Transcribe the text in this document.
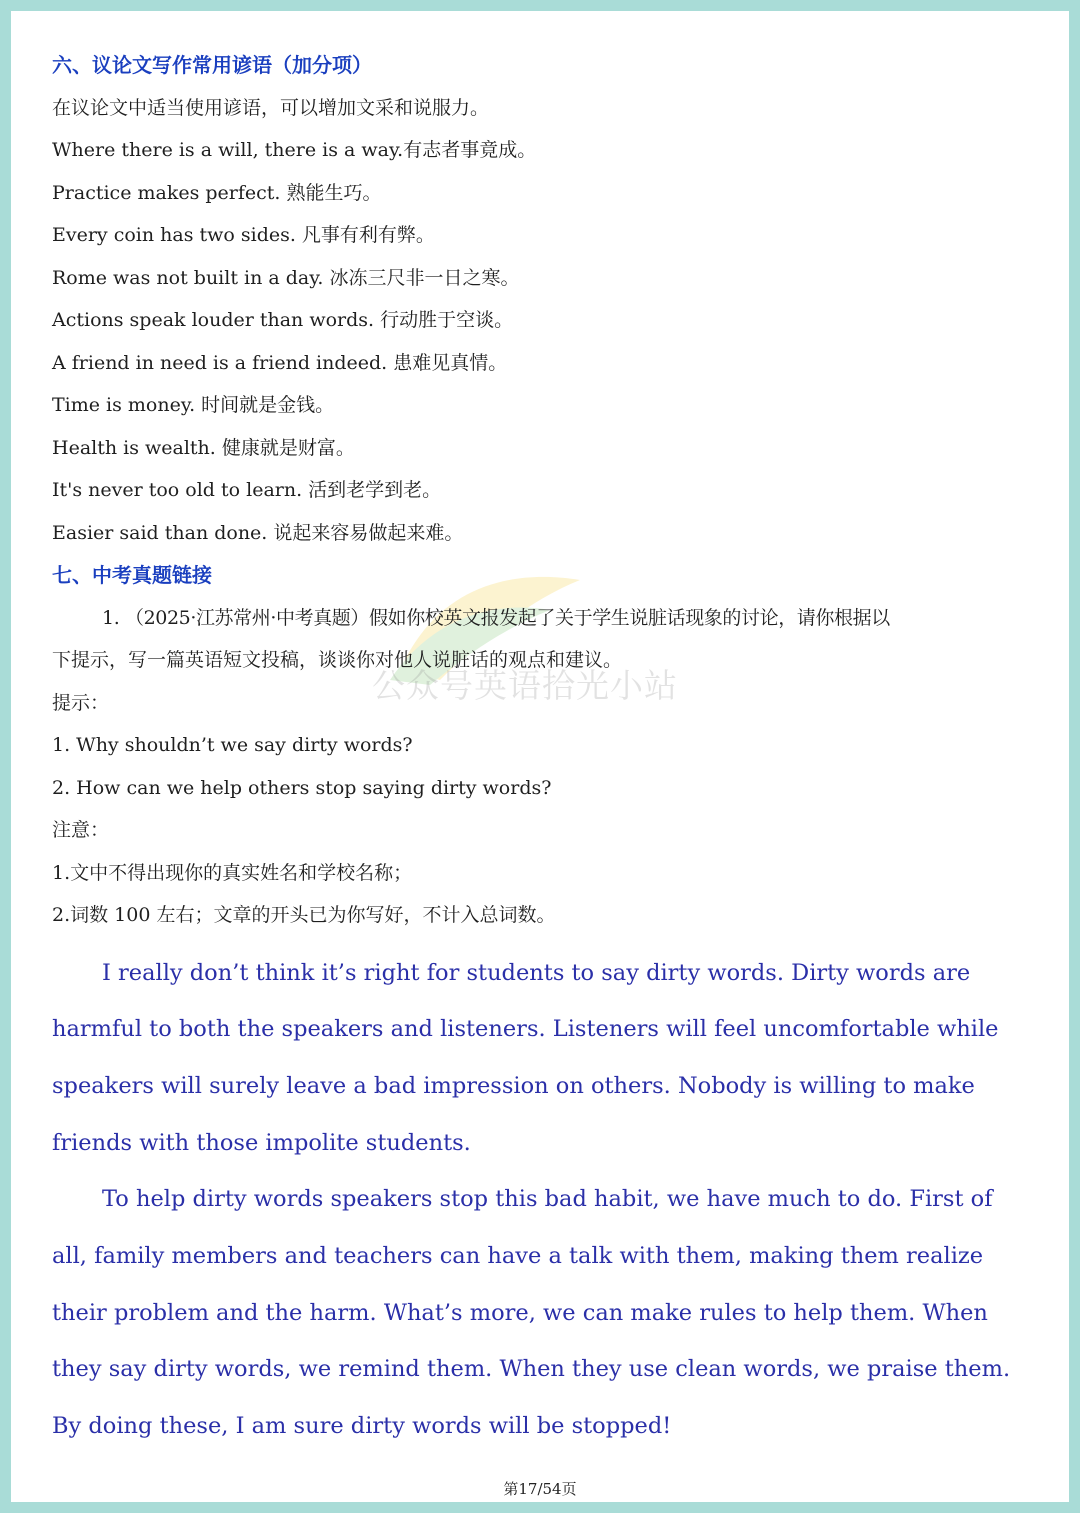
公众号英语拾光小站
六、议论文写作常用谚语（加分项）
在议论文中适当使用谚语，可以增加文采和说服力。
Where there is a will, there is a way.有志者事竟成。
Practice makes perfect. 熟能生巧。
Every coin has two sides. 凡事有利有弊。
Rome was not built in a day. 冰冻三尺非一日之寒。
Actions speak louder than words. 行动胜于空谈。
A friend in need is a friend indeed. 患难见真情。
Time is money. 时间就是金钱。
Health is wealth. 健康就是财富。
It's never too old to learn. 活到老学到老。
Easier said than done. 说起来容易做起来难。
七、中考真题链接
1. （2025·江苏常州·中考真题）假如你校英文报发起了关于学生说脏话现象的讨论，请你根据以
下提示，写一篇英语短文投稿，谈谈你对他人说脏话的观点和建议。
提示：
1. Why shouldn’t we say dirty words?
2. How can we help others stop saying dirty words?
注意：
1.文中不得出现你的真实姓名和学校名称；
2.词数 100 左右；文章的开头已为你写好，不计入总词数。

I really don’t think it’s right for students to say dirty words. Dirty words are harmful to both the speakers and listeners. Listeners will feel uncomfortable while speakers will surely leave a bad impression on others. Nobody is willing to make friends with those impolite students.

To help dirty words speakers stop this bad habit, we have much to do. First of all, family members and teachers can have a talk with them, making them realize their problem and the harm. What’s more, we can make rules to help them. When they say dirty words, we remind them. When they use clean words, we praise them. By doing these, I am sure dirty words will be stopped!

第17/54页
